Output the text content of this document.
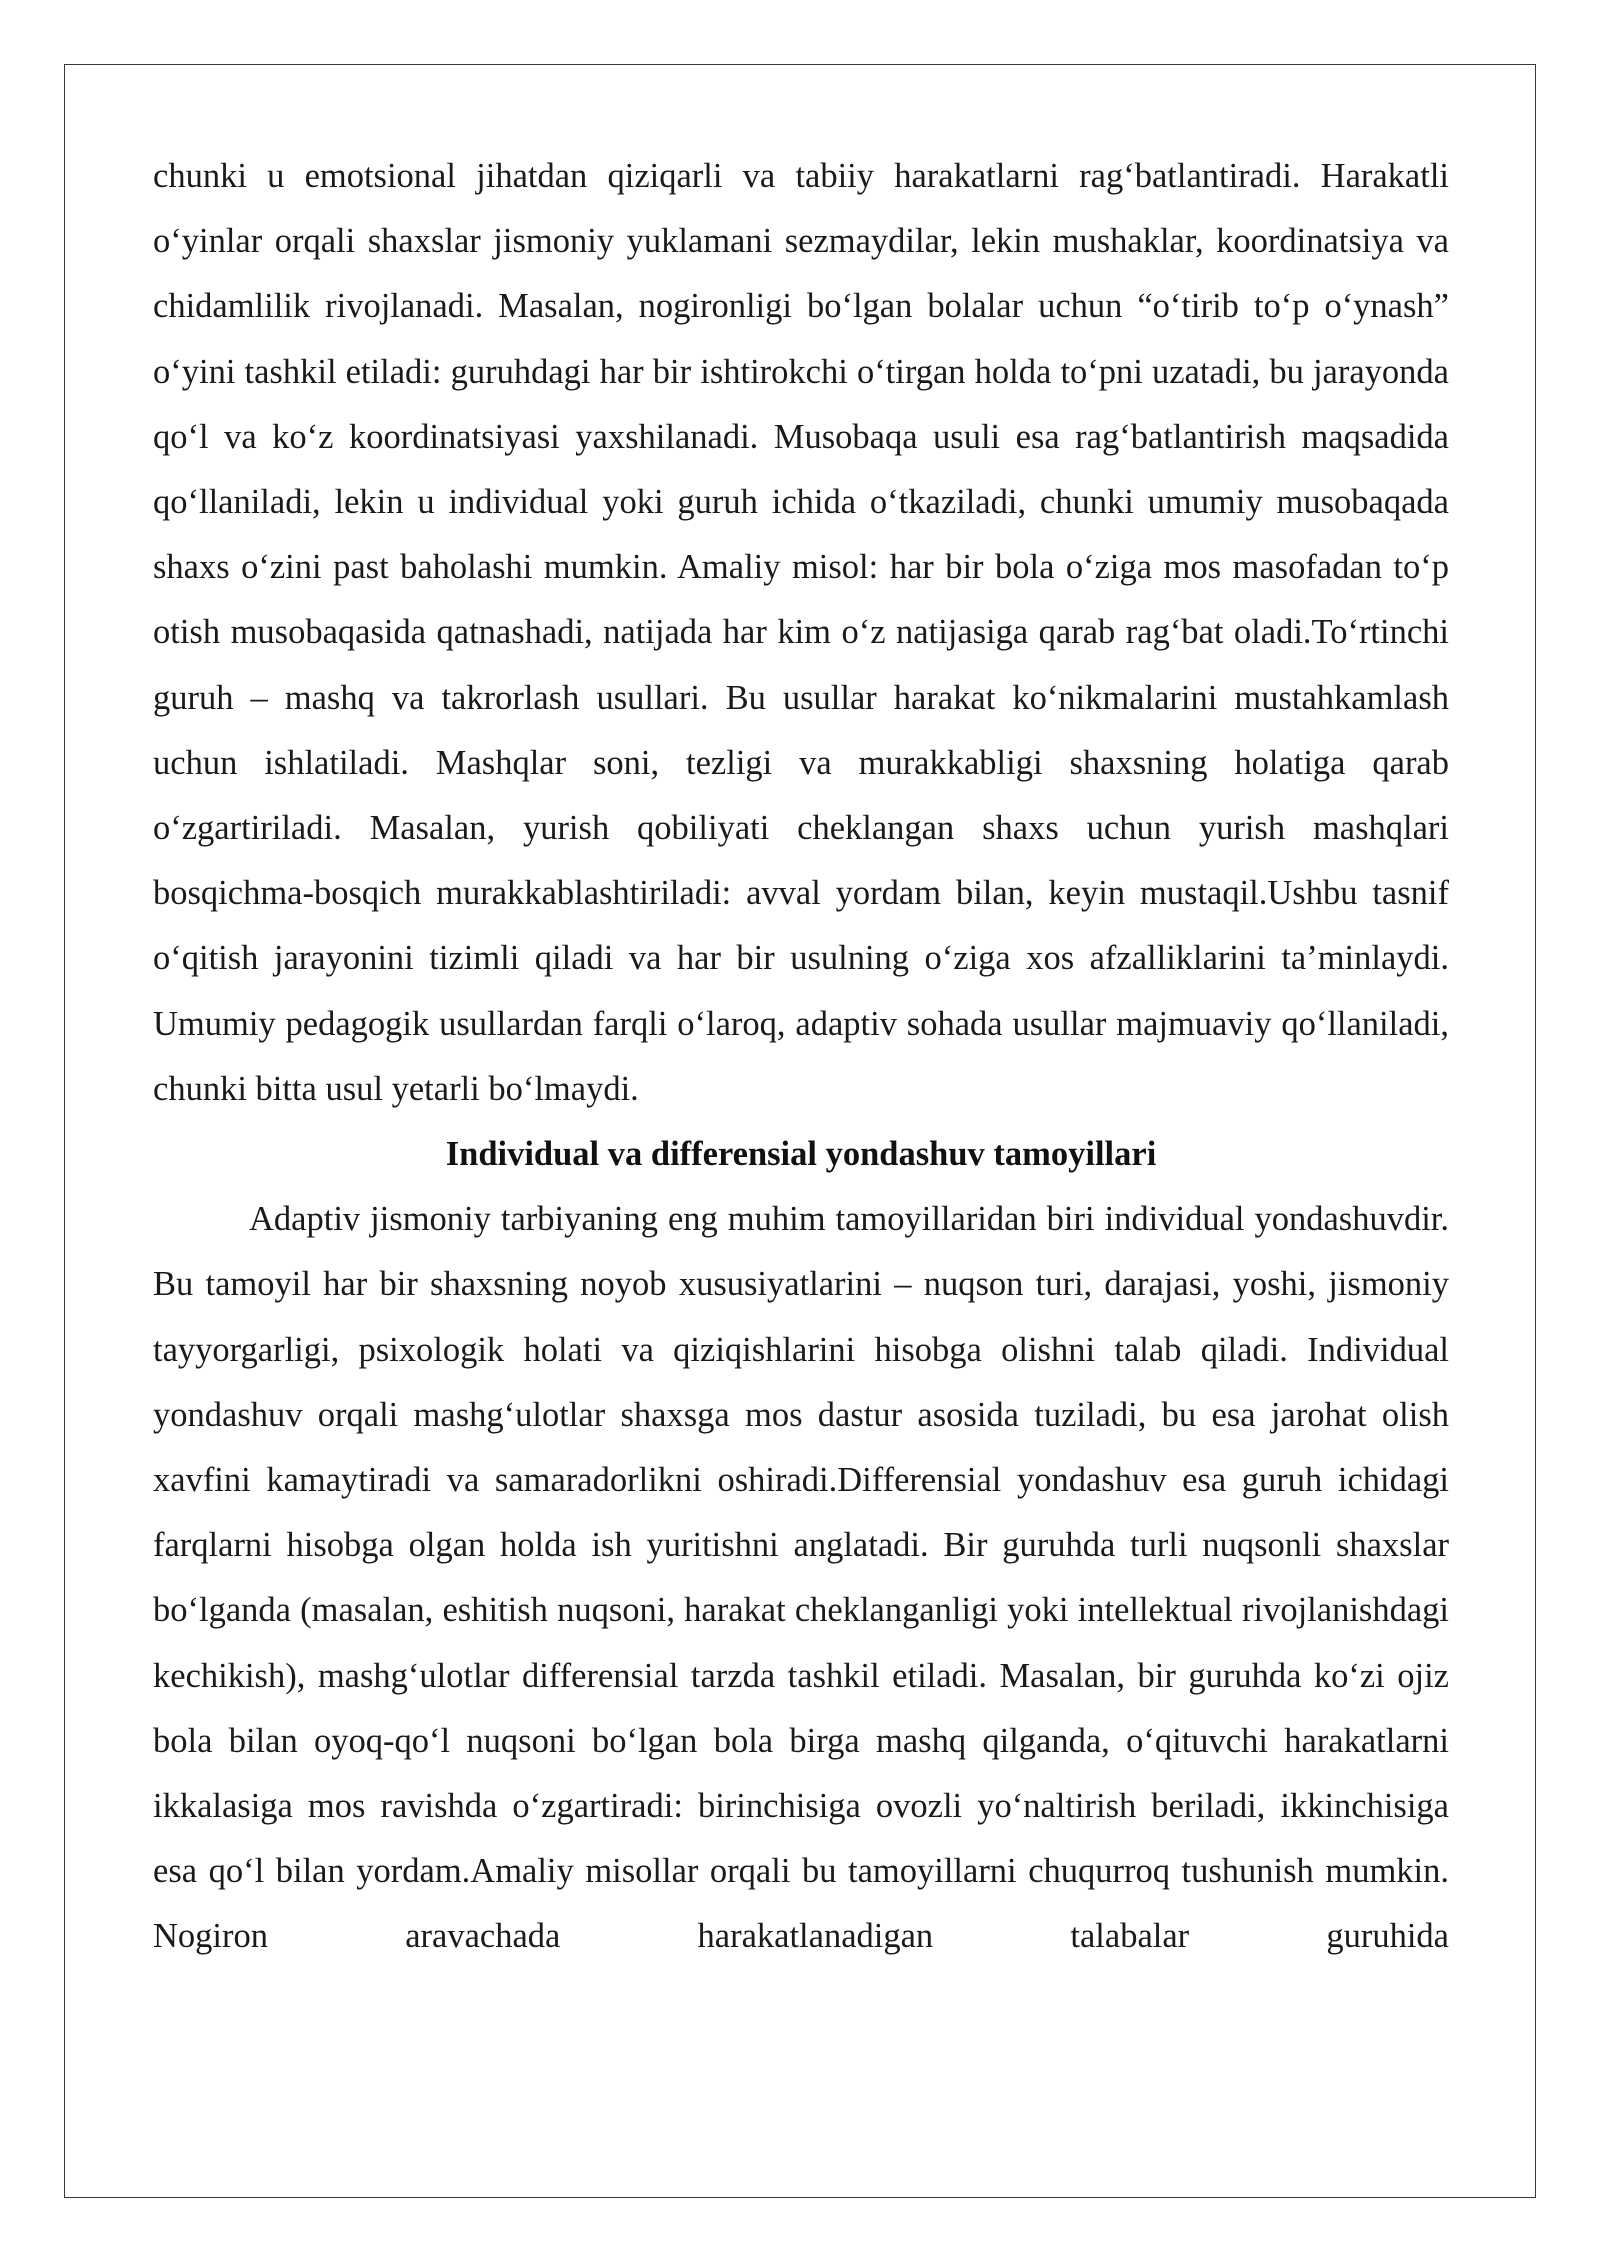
chunki u emotsional jihatdan qiziqarli va tabiiy harakatlarni rag‘batlantiradi. Harakatli o‘yinlar orqali shaxslar jismoniy yuklamani sezmaydilar, lekin mushaklar, koordinatsiya va chidamlilik rivojlanadi. Masalan, nogironligi bo‘lgan bolalar uchun “o‘tirib to‘p o‘ynash” o‘yini tashkil etiladi: guruhdagi har bir ishtirokchi o‘tirgan holda to‘pni uzatadi, bu jarayonda qo‘l va ko‘z koordinatsiyasi yaxshilanadi. Musobaqa usuli esa rag‘batlantirish maqsadida qo‘llaniladi, lekin u individual yoki guruh ichida o‘tkaziladi, chunki umumiy musobaqada shaxs o‘zini past baholashi mumkin. Amaliy misol: har bir bola o‘ziga mos masofadan to‘p otish musobaqasida qatnashadi, natijada har kim o‘z natijasiga qarab rag‘bat oladi.To‘rtinchi guruh – mashq va takrorlash usullari. Bu usullar harakat ko‘nikmalarini mustahkamlash uchun ishlatiladi. Mashqlar soni, tezligi va murakkabligi shaxsning holatiga qarab o‘zgartiriladi. Masalan, yurish qobiliyati cheklangan shaxs uchun yurish mashqlari bosqichma-bosqich murakkablashtiriladi: avval yordam bilan, keyin mustaqil.Ushbu tasnif o‘qitish jarayonini tizimli qiladi va har bir usulning o‘ziga xos afzalliklarini ta’minlaydi. Umumiy pedagogik usullardan farqli o‘laroq, adaptiv sohada usullar majmuaviy qo‘llaniladi, chunki bitta usul yetarli bo‘lmaydi.

Individual va differensial yondashuv tamoyillari

Adaptiv jismoniy tarbiyaning eng muhim tamoyillaridan biri individual yondashuvdir. Bu tamoyil har bir shaxsning noyob xususiyatlarini – nuqson turi, darajasi, yoshi, jismoniy tayyorgarligi, psixologik holati va qiziqishlarini hisobga olishni talab qiladi. Individual yondashuv orqali mashg‘ulotlar shaxsga mos dastur asosida tuziladi, bu esa jarohat olish xavfini kamaytiradi va samaradorlikni oshiradi.Differensial yondashuv esa guruh ichidagi farqlarni hisobga olgan holda ish yuritishni anglatadi. Bir guruhda turli nuqsonli shaxslar bo‘lganda (masalan, eshitish nuqsoni, harakat cheklanganligi yoki intellektual rivojlanishdagi kechikish), mashg‘ulotlar differensial tarzda tashkil etiladi. Masalan, bir guruhda ko‘zi ojiz bola bilan oyoq-qo‘l nuqsoni bo‘lgan bola birga mashq qilganda, o‘qituvchi harakatlarni ikkalasiga mos ravishda o‘zgartiradi: birinchisiga ovozli yo‘naltirish beriladi, ikkinchisiga esa qo‘l bilan yordam.Amaliy misollar orqali bu tamoyillarni chuqurroq tushunish mumkin. Nogiron aravachada harakatlanadigan talabalar guruhida
